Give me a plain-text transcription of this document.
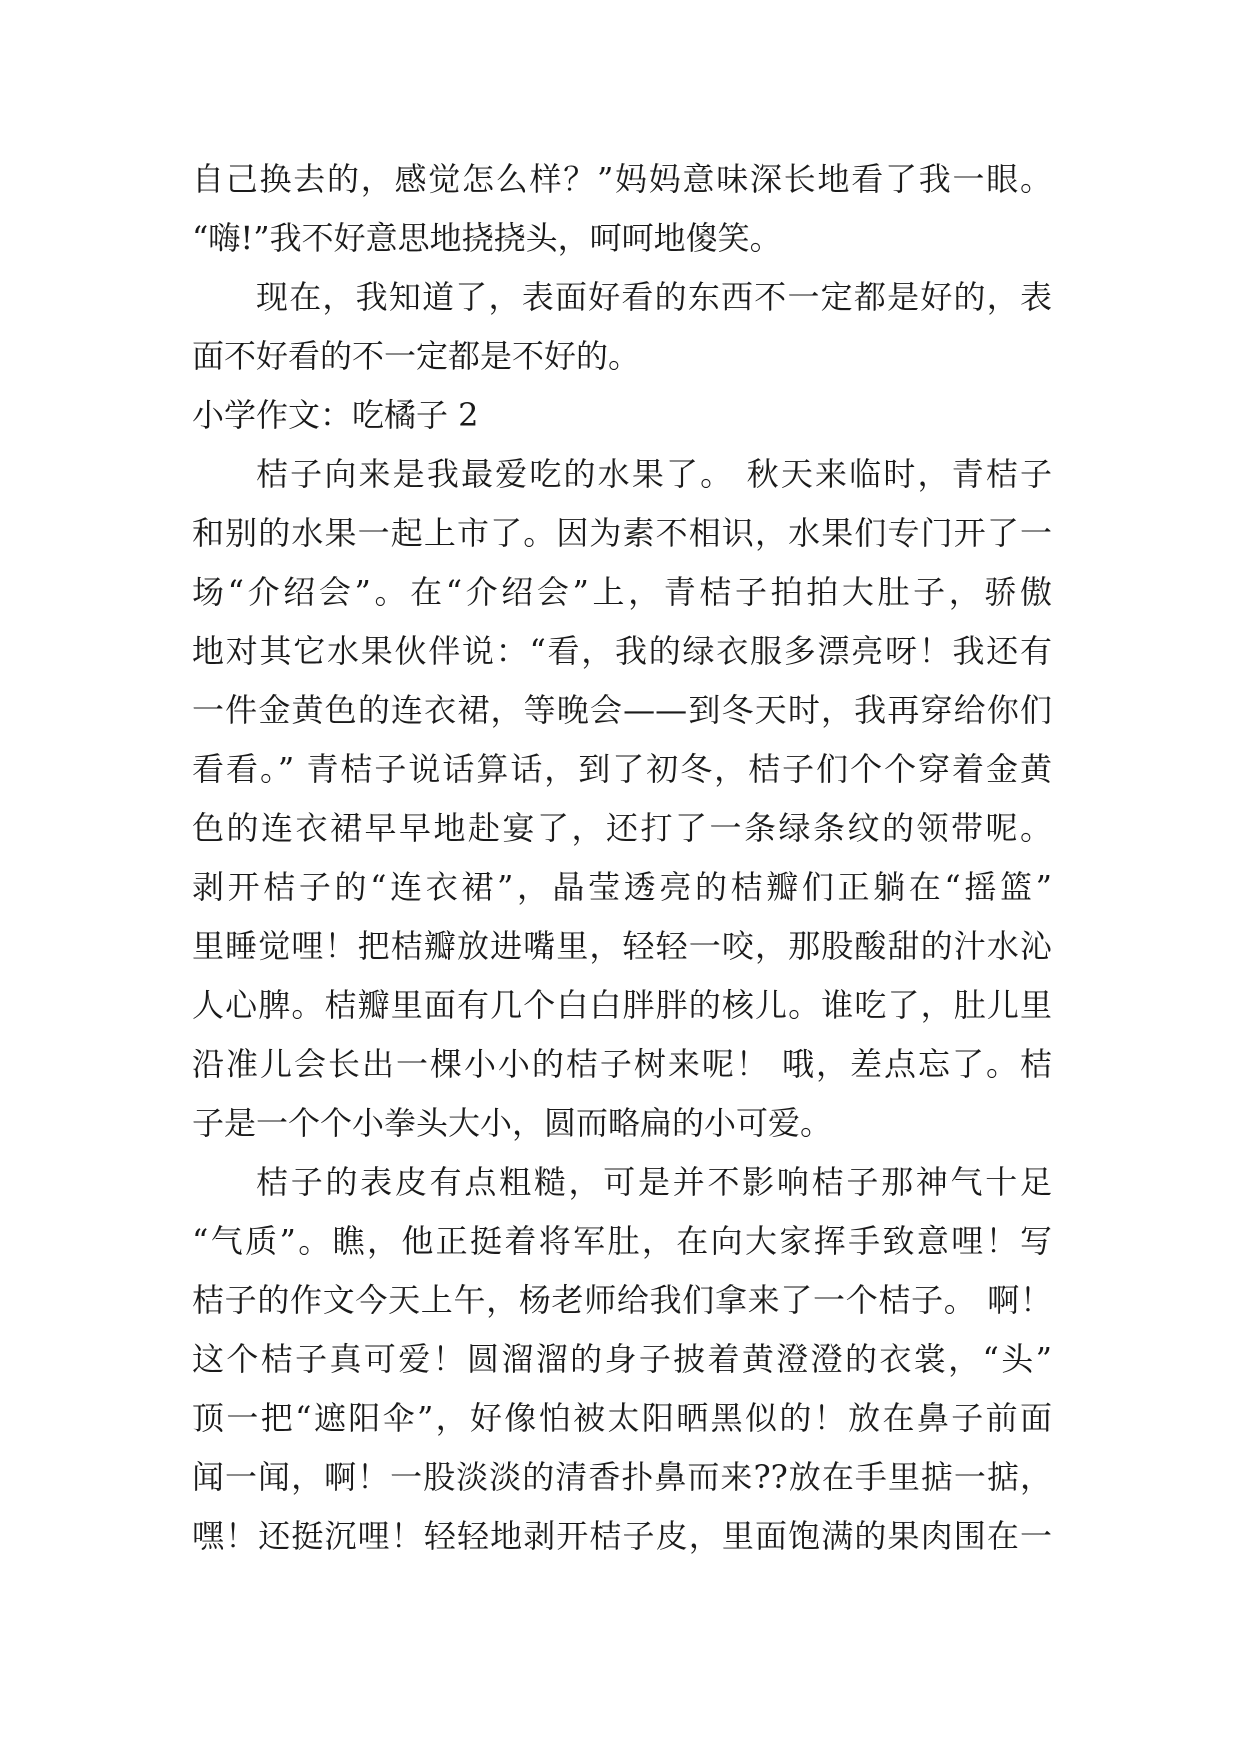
自己换去的，感觉怎么样？”妈妈意味深长地看了我一眼。
“嗨!”我不好意思地挠挠头，呵呵地傻笑。
现在，我知道了，表面好看的东西不一定都是好的，表
面不好看的不一定都是不好的。
小学作文：吃橘子 2
桔子向来是我最爱吃的水果了。 秋天来临时，青桔子
和别的水果一起上市了。因为素不相识，水果们专门开了一
场“介绍会”。在“介绍会”上，青桔子拍拍大肚子，骄傲
地对其它水果伙伴说：“看，我的绿衣服多漂亮呀！我还有
一件金黄色的连衣裙，等晚会——到冬天时，我再穿给你们
看看。” 青桔子说话算话，到了初冬，桔子们个个穿着金黄
色的连衣裙早早地赴宴了，还打了一条绿条纹的领带呢。
剥开桔子的“连衣裙”，晶莹透亮的桔瓣们正躺在“摇篮”
里睡觉哩！把桔瓣放进嘴里，轻轻一咬，那股酸甜的汁水沁
人心脾。桔瓣里面有几个白白胖胖的核儿。谁吃了，肚儿里
沿准儿会长出一棵小小的桔子树来呢！ 哦，差点忘了。桔
子是一个个小拳头大小，圆而略扁的小可爱。
桔子的表皮有点粗糙，可是并不影响桔子那神气十足
“气质”。瞧，他正挺着将军肚，在向大家挥手致意哩！写
桔子的作文今天上午，杨老师给我们拿来了一个桔子。 啊！
这个桔子真可爱！圆溜溜的身子披着黄澄澄的衣裳，“头”
顶一把“遮阳伞”，好像怕被太阳晒黑似的！放在鼻子前面
闻一闻，啊！一股淡淡的清香扑鼻而来??放在手里掂一掂，
嘿！还挺沉哩！轻轻地剥开桔子皮，里面饱满的果肉围在一
